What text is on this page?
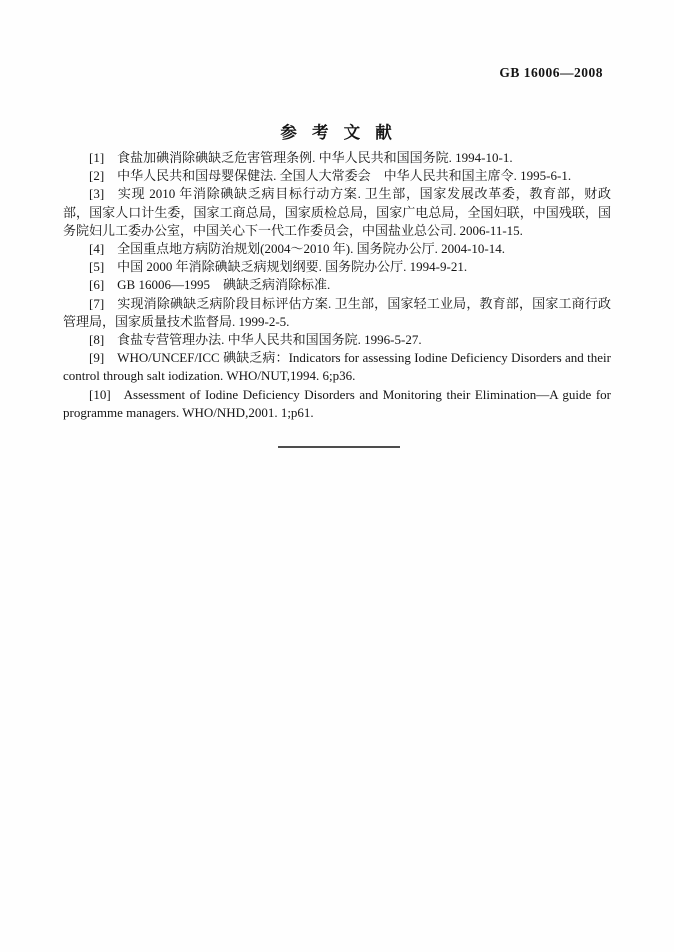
GB 16006—2008
参 考 文 献

[1] 食盐加碘消除碘缺乏危害管理条例. 中华人民共和国国务院. 1994-10-1.

[2] 中华人民共和国母婴保健法. 全国人大常委会　中华人民共和国主席令. 1995-6-1.

[3] 实现 2010 年消除碘缺乏病目标行动方案. 卫生部，国家发展改革委，教育部，财政部，国家人口计生委，国家工商总局，国家质检总局，国家广电总局，全国妇联，中国残联，国务院妇儿工委办公室，中国关心下一代工作委员会，中国盐业总公司. 2006-11-15.

[4] 全国重点地方病防治规划(2004～2010 年). 国务院办公厅. 2004-10-14.

[5] 中国 2000 年消除碘缺乏病规划纲要. 国务院办公厅. 1994-9-21.

[6] GB 16006—1995　碘缺乏病消除标准.

[7] 实现消除碘缺乏病阶段目标评估方案. 卫生部，国家轻工业局，教育部，国家工商行政管理局，国家质量技术监督局. 1999-2-5.

[8] 食盐专营管理办法. 中华人民共和国国务院. 1996-5-27.

[9] WHO/UNCEF/ICC 碘缺乏病：Indicators for assessing Iodine Deficiency Disorders and their control through salt iodization. WHO/NUT,1994. 6;p36.

[10] Assessment of Iodine Deficiency Disorders and Monitoring their Elimination—A guide for programme managers. WHO/NHD,2001. 1;p61.
